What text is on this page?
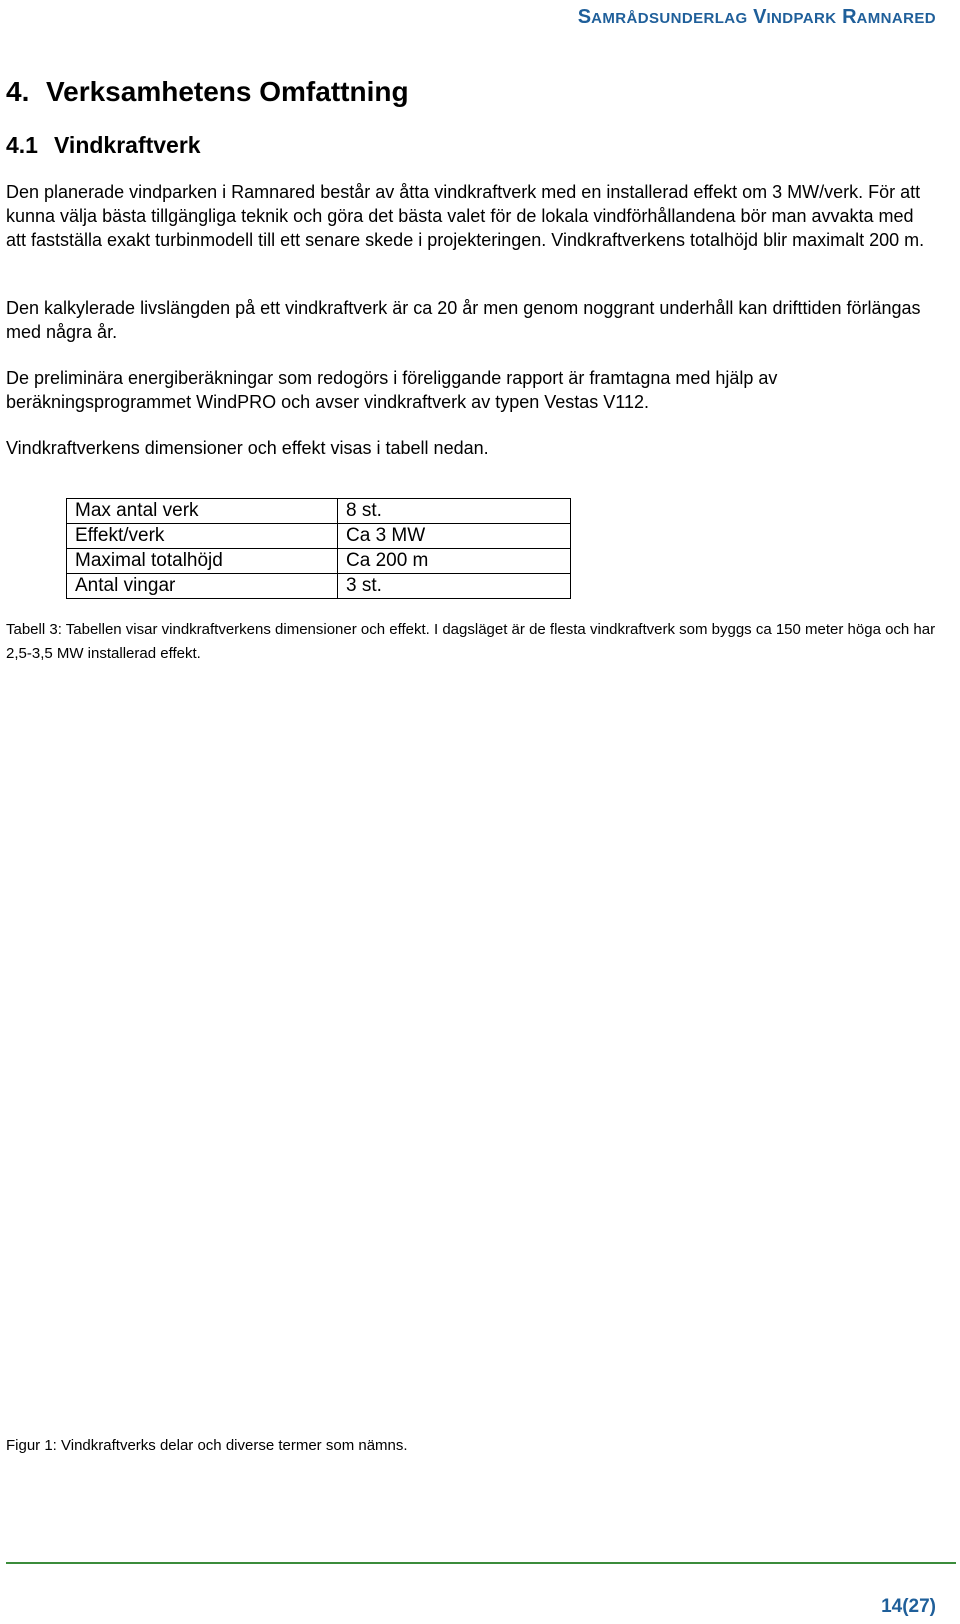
SAMRÅDSUNDERLAG VINDPARK RAMNARED
4. Verksamhetens Omfattning
4.1 Vindkraftverk

Den planerade vindparken i Ramnared består av åtta vindkraftverk med en installerad effekt om 3 MW/verk. För att kunna välja bästa tillgängliga teknik och göra det bästa valet för de lokala vindförhållandena bör man avvakta med att fastställa exakt turbinmodell till ett senare skede i projekteringen. Vindkraftverkens totalhöjd blir maximalt 200 m.

Den kalkylerade livslängden på ett vindkraftverk är ca 20 år men genom noggrant underhåll kan drifttiden förlängas med några år.

De preliminära energiberäkningar som redogörs i föreliggande rapport är framtagna med hjälp av beräkningsprogrammet WindPRO och avser vindkraftverk av typen Vestas V112.

Vindkraftverkens dimensioner och effekt visas i tabell nedan.

Max antal verk	8 st.
Effekt/verk	Ca 3 MW
Maximal totalhöjd	Ca 200 m
Antal vingar	3 st.

Tabell 3: Tabellen visar vindkraftverkens dimensioner och effekt. I dagsläget är de flesta vindkraftverk som byggs ca 150 meter höga och har 2,5-3,5 MW installerad effekt.

Figur 1: Vindkraftverks delar och diverse termer som nämns.

14(27)
